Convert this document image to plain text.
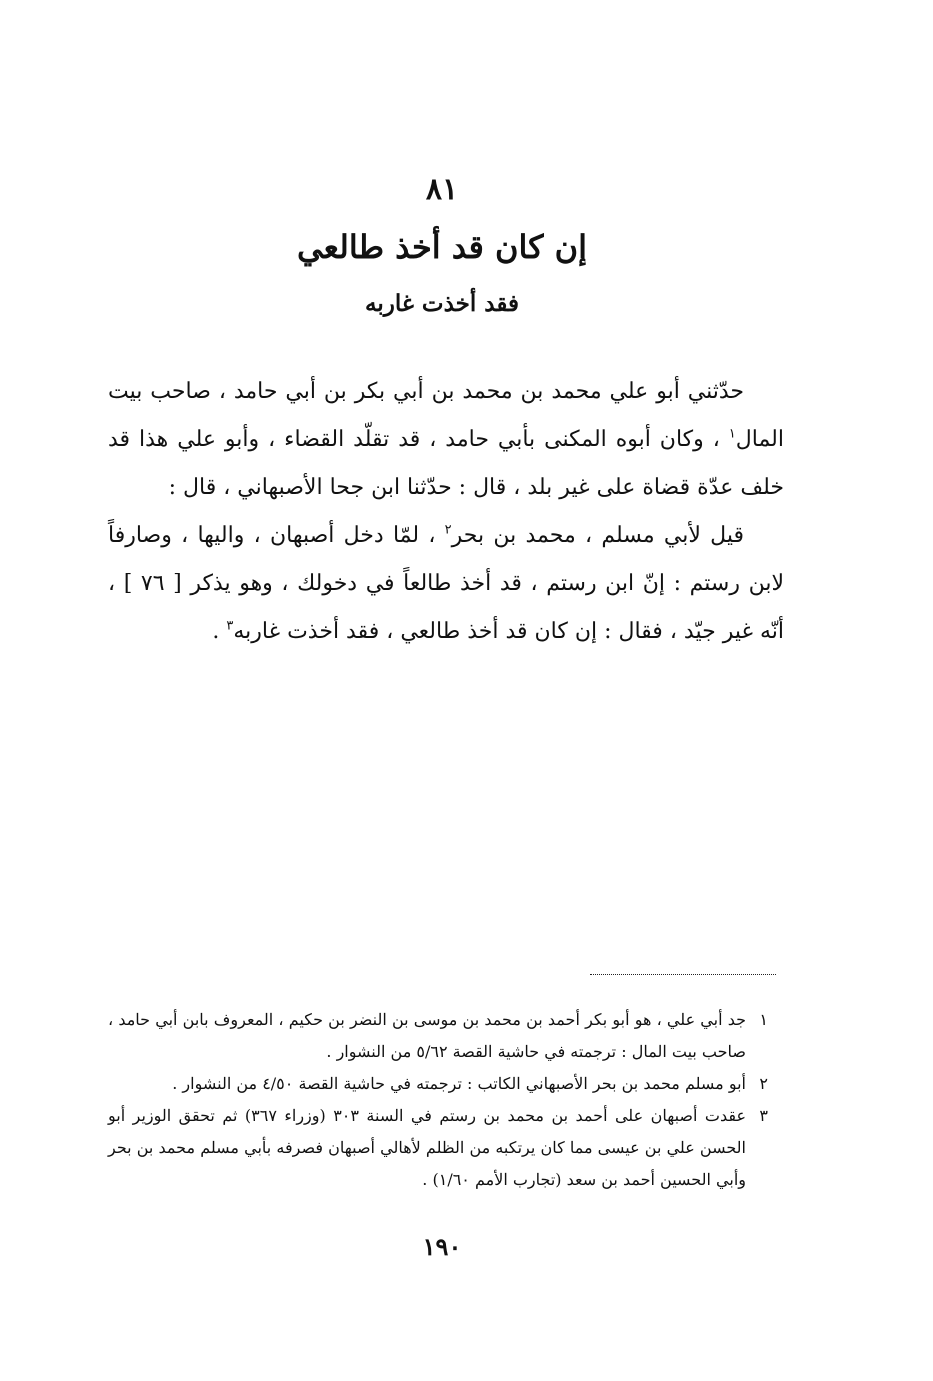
٨١
إن كان قد أخذ طالعي
فقد أخذت غاربه

حدّثني أبو علي محمد بن محمد بن أبي بكر بن أبي حامد ، صاحب بيت المال$^١$ ، وكان أبوه المكنى بأبي حامد ، قد تقلّد القضاء ، وأبو علي هذا قد خلف عدّة قضاة على غير بلد ، قال : حدّثنا ابن جحا الأصبهاني ، قال :

قيل لأبي مسلم ، محمد بن بحر$^٢$ ، لمّا دخل أصبهان ، واليها ، وصارفاً لابن رستم : إنّ ابن رستم ، قد أخذ طالعاً في دخولك ، وهو يذكر [ ٧٦ ] ، أنّه غير جيّد ، فقال : إن كان قد أخذ طالعي ، فقد أخذت غاربه$^٣$ .

١
جد أبي علي ، هو أبو بكر أحمد بن محمد بن موسى بن النضر بن حكيم ، المعروف بابن أبي حامد ، صاحب بيت المال : ترجمته في حاشية القصة ٥/٦٢ من النشوار .
٢
أبو مسلم محمد بن بحر الأصبهاني الكاتب : ترجمته في حاشية القصة ٤/٥٠ من النشوار .
٣
عقدت أصبهان على أحمد بن محمد بن رستم في السنة ٣٠٣ (وزراء ٣٦٧) ثم تحقق الوزير أبو الحسن علي بن عيسى مما كان يرتكبه من الظلم لأهالي أصبهان فصرفه بأبي مسلم محمد بن بحر وأبي الحسين أحمد بن سعد (تجارب الأمم ١/٦٠) .
١٩٠
